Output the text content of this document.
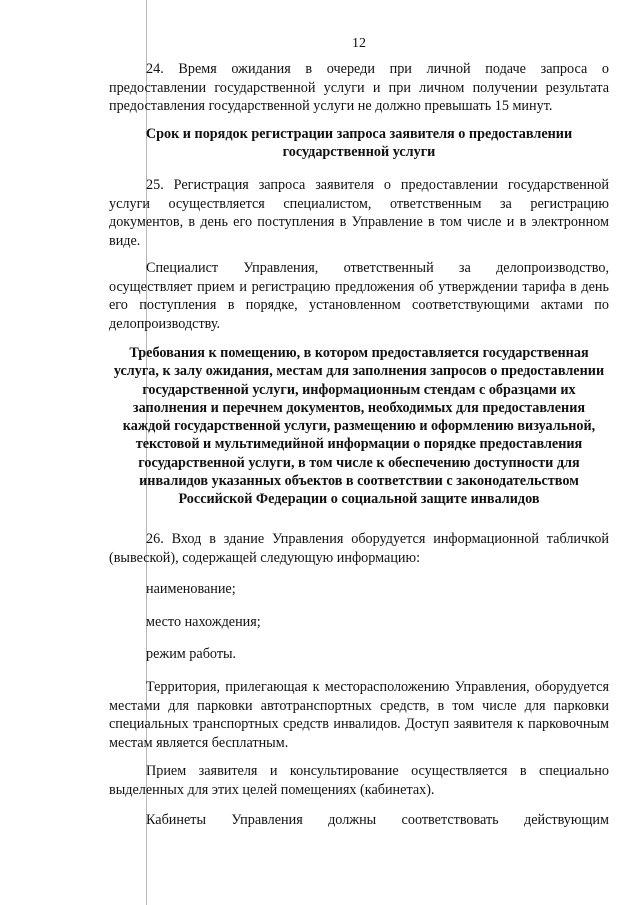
12
24. Время ожидания в очереди при личной подаче запроса о предоставлении государственной услуги и при личном получении результата предоставления государственной услуги не должно превышать 15 минут.
Срок и порядок регистрации запроса заявителя о предоставлении государственной услуги
25. Регистрация запроса заявителя о предоставлении государственной услуги осуществляется специалистом, ответственным за регистрацию документов, в день его поступления в Управление в том числе и в электронном виде.
Специалист Управления, ответственный за делопроизводство, осуществляет прием и регистрацию предложения об утверждении тарифа в день его поступления в порядке, установленном соответствующими актами по делопроизводству.
Требования к помещению, в котором предоставляется государственная услуга, к залу ожидания, местам для заполнения запросов о предоставлении государственной услуги, информационным стендам с образцами их заполнения и перечнем документов, необходимых для предоставления каждой государственной услуги, размещению и оформлению визуальной, текстовой и мультимедийной информации о порядке предоставления государственной услуги, в том числе к обеспечению доступности для инвалидов указанных объектов в соответствии с законодательством Российской Федерации о социальной защите инвалидов
26. Вход в здание Управления оборудуется информационной табличкой (вывеской), содержащей следующую информацию:
наименование;
место нахождения;
режим работы.
Территория, прилегающая к месторасположению Управления, оборудуется местами для парковки автотранспортных средств, в том числе для парковки специальных транспортных средств инвалидов. Доступ заявителя к парковочным местам является бесплатным.
Прием заявителя и консультирование осуществляется в специально выделенных для этих целей помещениях (кабинетах).
Кабинеты Управления должны соответствовать действующим
